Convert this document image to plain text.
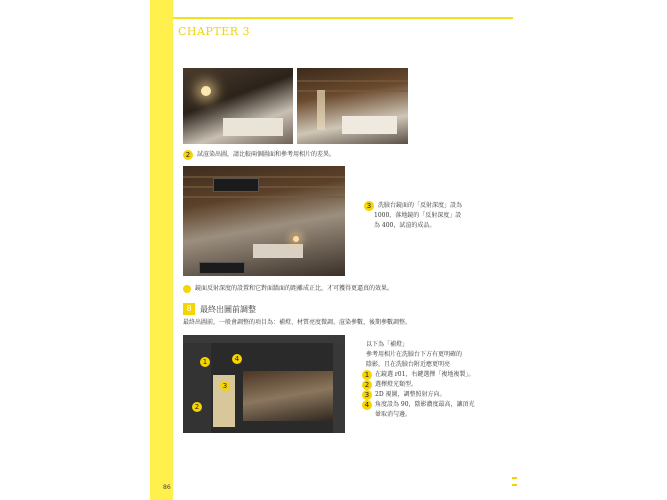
CHAPTER 3
2	試渲染出圖，請比較兩個圖面和參考用相片的差異。
3	洗臉台鏡面的「反射深度」設為
1000、落地鏡的「反射深度」設
為 400，試渲的成品。
鏡面反射深度的設置和它對面牆面的距離成正比，才可獲得更逼真的效果。
8	最終出圖前調整
最終出圖前，一般會調整的項目為：補燈、材質亮度微調、渲染參數、後期參數調整。
1
2
3
4
以下為「補燈」
參考用相片在洗臉台下方有更明確的
陰影，且在洗臉台附近應更明亮
1 在鏡選 r01，右鍵選擇「複地複製」。
2 選擇燈光類型。
3 2D 視圖，調整照射方向。
4 角度設為 90，陰影濃度最高，讓頂光
暈取消勻邊。
86
